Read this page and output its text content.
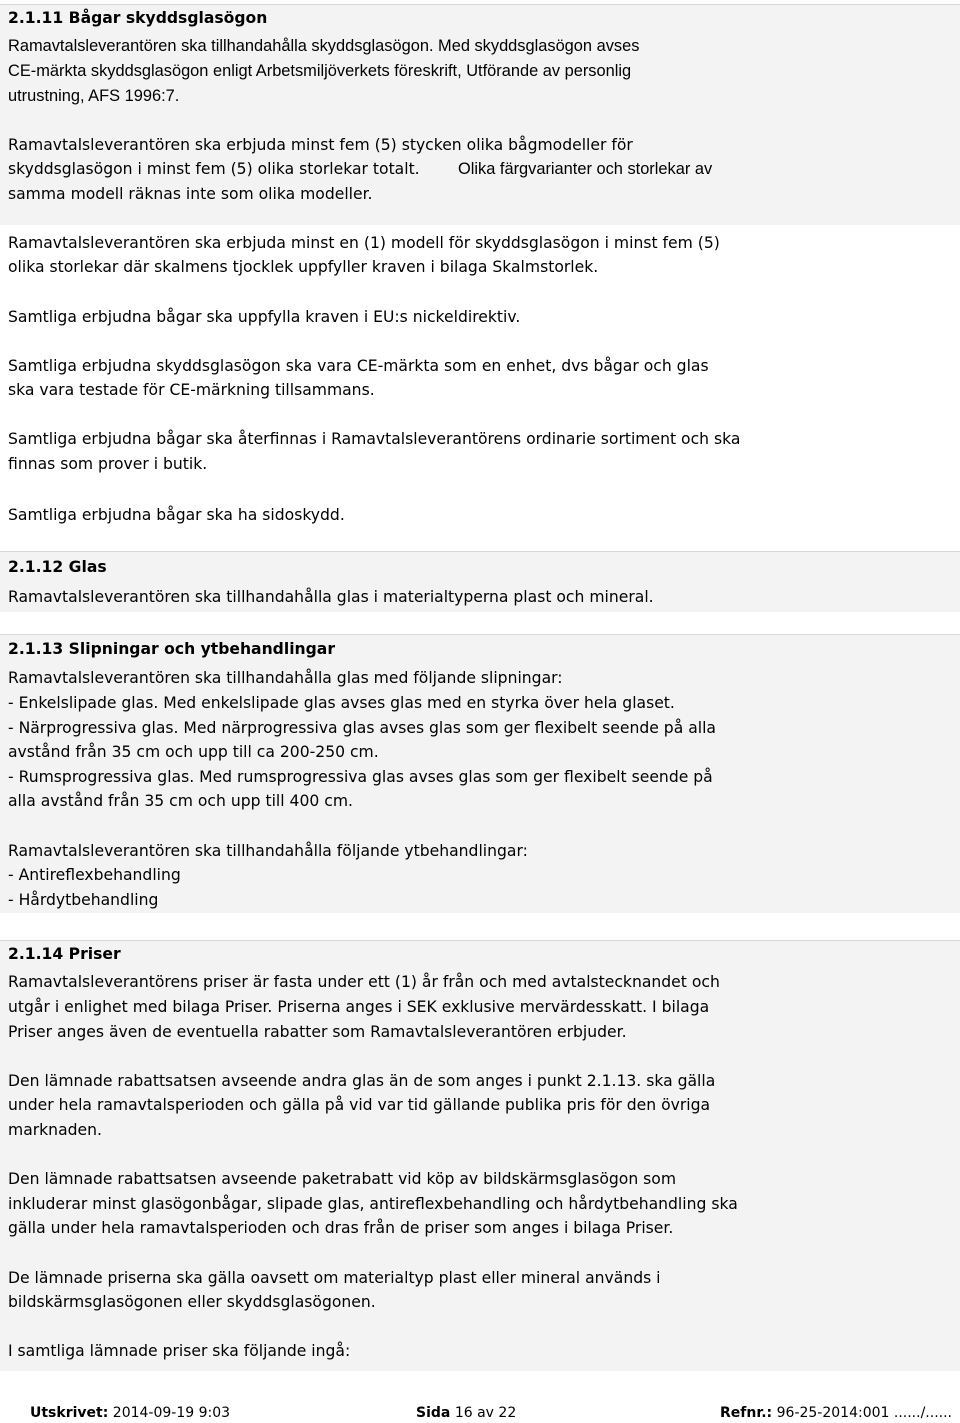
2.1.11 Bågar skyddsglasögon
Ramavtalsleverantören ska tillhandahålla skyddsglasögon. Med skyddsglasögon avses
CE-märkta skyddsglasögon enligt Arbetsmiljöverkets föreskrift, Utförande av personlig
utrustning, AFS 1996:7.
Ramavtalsleverantören ska erbjuda minst fem (5) stycken olika bågmodeller för
skyddsglasögon i minst fem (5) olika storlekar totalt. Olika färgvarianter och storlekar av
samma modell räknas inte som olika modeller.
Ramavtalsleverantören ska erbjuda minst en (1) modell för skyddsglasögon i minst fem (5)
olika storlekar där skalmens tjocklek uppfyller kraven i bilaga Skalmstorlek.
Samtliga erbjudna bågar ska uppfylla kraven i EU:s nickeldirektiv.
Samtliga erbjudna skyddsglasögon ska vara CE-märkta som en enhet, dvs bågar och glas
ska vara testade för CE-märkning tillsammans.
Samtliga erbjudna bågar ska återfinnas i Ramavtalsleverantörens ordinarie sortiment och ska
finnas som prover i butik.
Samtliga erbjudna bågar ska ha sidoskydd.
2.1.12 Glas
Ramavtalsleverantören ska tillhandahålla glas i materialtyperna plast och mineral.
2.1.13 Slipningar och ytbehandlingar
Ramavtalsleverantören ska tillhandahålla glas med följande slipningar:
- Enkelslipade glas. Med enkelslipade glas avses glas med en styrka över hela glaset.
- Närprogressiva glas. Med närprogressiva glas avses glas som ger flexibelt seende på alla
avstånd från 35 cm och upp till ca 200-250 cm.
- Rumsprogressiva glas. Med rumsprogressiva glas avses glas som ger flexibelt seende på
alla avstånd från 35 cm och upp till 400 cm.
Ramavtalsleverantören ska tillhandahålla följande ytbehandlingar:
- Antireflexbehandling
- Hårdytbehandling
2.1.14 Priser
Ramavtalsleverantörens priser är fasta under ett (1) år från och med avtalstecknandet och
utgår i enlighet med bilaga Priser. Priserna anges i SEK exklusive mervärdesskatt. I bilaga
Priser anges även de eventuella rabatter som Ramavtalsleverantören erbjuder.
Den lämnade rabattsatsen avseende andra glas än de som anges i punkt 2.1.13. ska gälla
under hela ramavtalsperioden och gälla på vid var tid gällande publika pris för den övriga
marknaden.
Den lämnade rabattsatsen avseende paketrabatt vid köp av bildskärmsglasögon som
inkluderar minst glasögonbågar, slipade glas, antireflexbehandling och hårdytbehandling ska
gälla under hela ramavtalsperioden och dras från de priser som anges i bilaga Priser.
De lämnade priserna ska gälla oavsett om materialtyp plast eller mineral används i
bildskärmsglasögonen eller skyddsglasögonen.
I samtliga lämnade priser ska följande ingå:
Utskrivet: 2014-09-19 9:03	Sida 16 av 22	Refnr.: 96-25-2014:001 ....../......
